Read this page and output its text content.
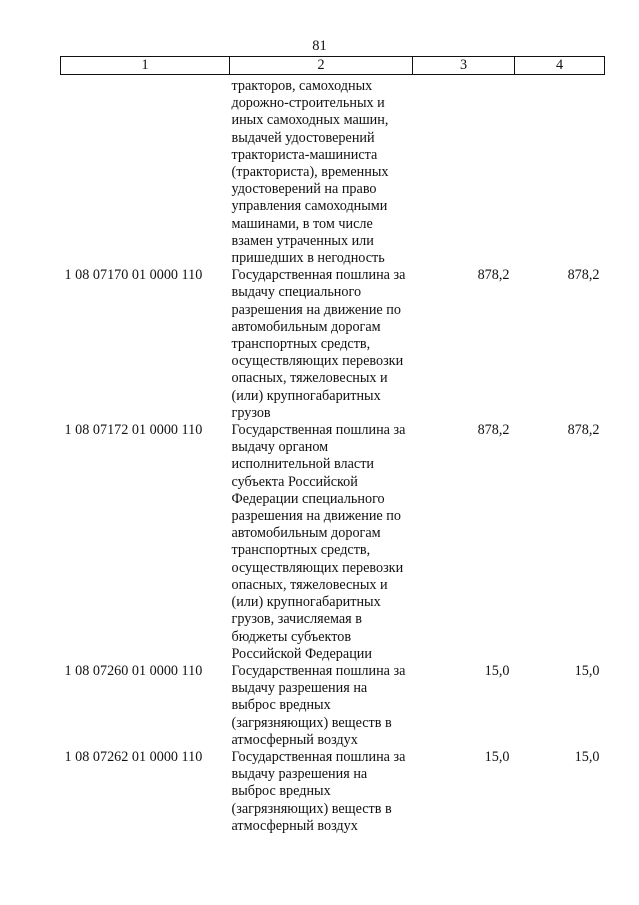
81
1	2	3	4
	тракторов, самоходных дорожно-строительных и иных самоходных машин, выдачей удостоверений тракториста-машиниста (тракториста), временных удостоверений на право управления самоходными машинами, в том числе взамен утраченных или пришедших в негодность		
1 08 07170 01 0000 110	Государственная пошлина за выдачу специального разрешения на движение по автомобильным дорогам транспортных средств, осуществляющих перевозки опасных, тяжеловесных и (или) крупногабаритных грузов	878,2	878,2
1 08 07172 01 0000 110	Государственная пошлина за выдачу органом исполнительной власти субъекта Российской Федерации специального разрешения на движение по автомобильным дорогам транспортных средств, осуществляющих перевозки опасных, тяжеловесных и (или) крупногабаритных грузов, зачисляемая в бюджеты субъектов Российской Федерации	878,2	878,2
1 08 07260 01 0000 110	Государственная пошлина за выдачу разрешения на выброс вредных (загрязняющих) веществ в атмосферный воздух	15,0	15,0
1 08 07262 01 0000 110	Государственная пошлина за выдачу разрешения на выброс вредных (загрязняющих) веществ в атмосферный воздух	15,0	15,0
